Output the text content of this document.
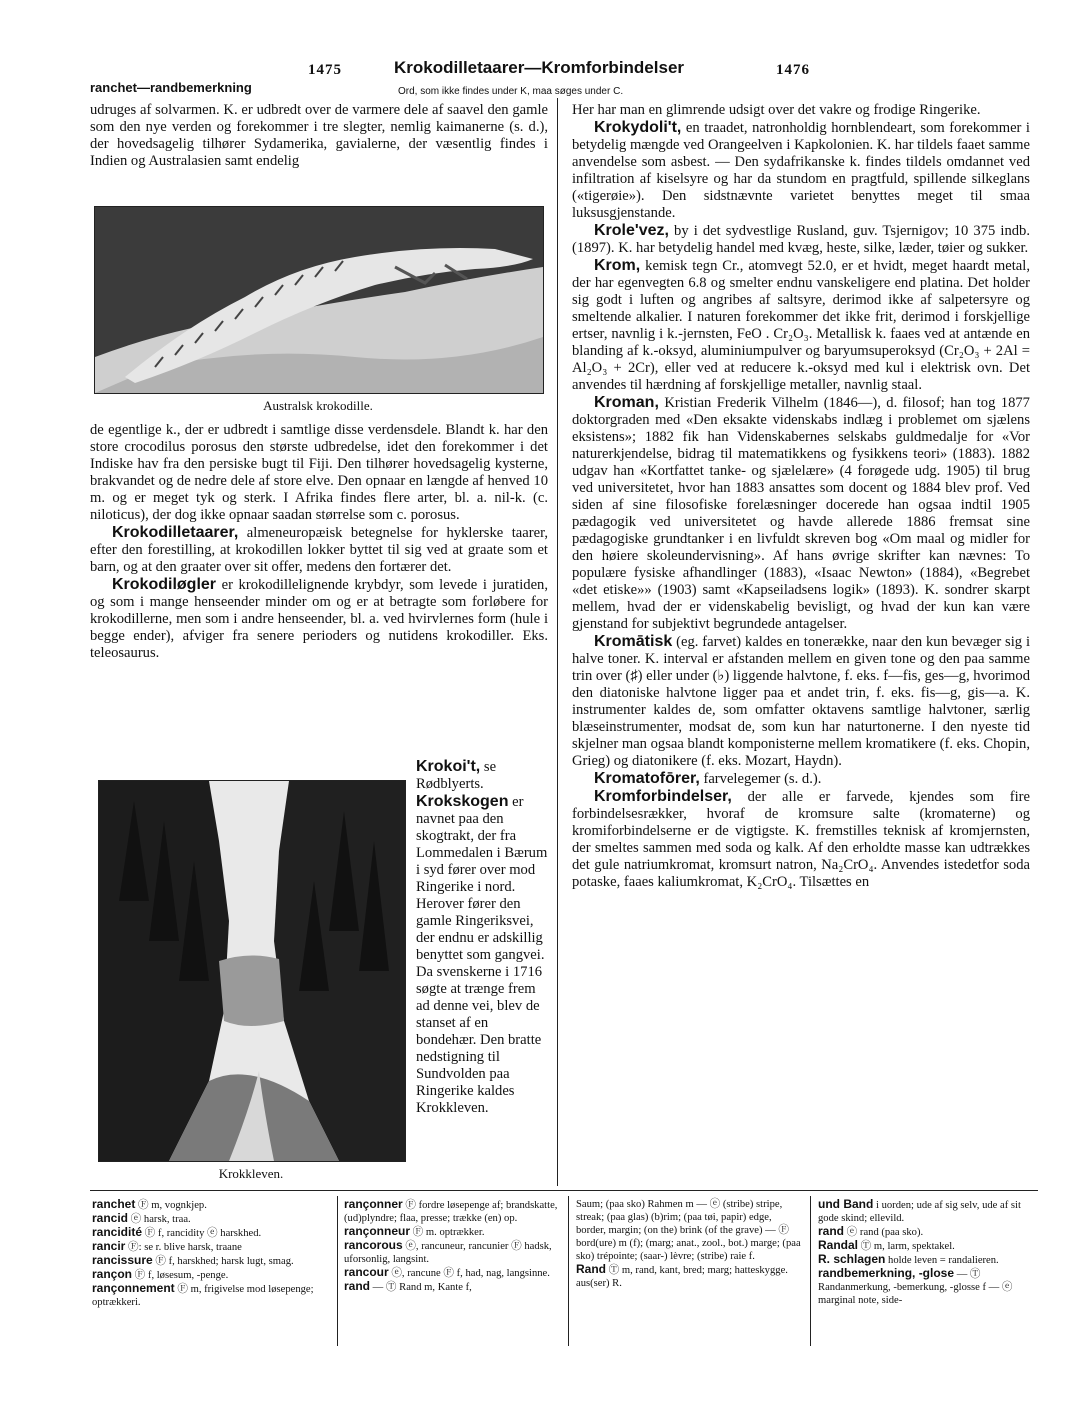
1475	Krokodilletaarer—Kromforbindelser	1476
ranchet—randbemerkning	Ord, som ikke findes under K, maa søges under C.

udruges af solvarmen. K. er udbredt over de varmere dele af saavel den gamle som den nye verden og forekommer i tre slegter, nemlig kaimanerne (s. d.), der hovedsagelig tilhører Sydamerika, gavialerne, der væsentlig findes i Indien og Australasien samt endelig

Australsk krokodille.

de egentlige k., der er udbredt i samtlige disse verdensdele. Blandt k. har den store crocodilus porosus den største udbredelse, idet den forekommer i det Indiske hav fra den persiske bugt til Fiji. Den tilhører hovedsagelig kysterne, brakvandet og de nedre dele af store elve. Den opnaar en længde af henved 10 m. og er meget tyk og sterk. I Afrika findes flere arter, bl. a. nil-k. (c. niloticus), der dog ikke opnaar saadan størrelse som c. porosus.

Krokodilletaarer, almeneuropæisk betegnelse for hyklerske taarer, efter den forestilling, at krokodillen lokker byttet til sig ved at graate som et barn, og at den graater over sit offer, medens den fortærer det.

Krokodiløgler er krokodillelignende krybdyr, som levede i juratiden, og som i mange henseender minder om og er at betragte som forløbere for krokodillerne, men som i andre henseender, bl. a. ved hvirvlernes form (hule i begge ender), afviger fra senere perioders og nutidens krokodiller. Eks. teleosaurus.

Krokkleven.

Krokoi't, se Rødblyerts.

Krokskogen er navnet paa den skogtrakt, der fra Lommedalen i Bærum i syd fører over mod Ringerike i nord. Herover fører den gamle Ringeriksvei, der endnu er adskillig benyttet som gangvei. Da svenskerne i 1716 søgte at trænge frem ad denne vei, blev de stanset af en bondehær. Den bratte nedstigning til Sundvolden paa Ringerike kaldes Krokkleven.

Her har man en glimrende udsigt over det vakre og frodige Ringerike.

Krokydoli't, en traadet, natronholdig hornblendeart, som forekommer i betydelig mængde ved Orangeelven i Kapkolonien. K. har tildels faaet samme anvendelse som asbest. — Den sydafrikanske k. findes tildels omdannet ved infiltration af kiselsyre og har da stundom en pragtfuld, spillende silkeglans («tigerøie»). Den sidstnævnte varietet benyttes meget til smaa luksusgjenstande.

Krole'vez, by i det sydvestlige Rusland, guv. Tsjernigov; 10 375 indb. (1897). K. har betydelig handel med kvæg, heste, silke, læder, tøier og sukker.

Krom, kemisk tegn Cr., atomvegt 52.0, er et hvidt, meget haardt metal, der har egenvegten 6.8 og smelter endnu vanskeligere end platina. Det holder sig godt i luften og angribes af saltsyre, derimod ikke af salpetersyre og smeltende alkalier. I naturen forekommer det ikke frit, derimod i forskjellige ertser, navnlig i k.-jernsten, FeO . Cr₂O₃. Metallisk k. faaes ved at antænde en blanding af k.-oksyd, aluminiumpulver og baryumsuperoksyd (Cr₂O₃ + 2Al = Al₂O₃ + 2Cr), eller ved at reducere k.-oksyd med kul i elektrisk ovn. Det anvendes til hærdning af forskjellige metaller, navnlig staal.

Kroman, Kristian Frederik Vilhelm (1846—), d. filosof; han tog 1877 doktorgraden med «Den eksakte videnskabs indlæg i problemet om sjælens eksistens»; 1882 fik han Videnskabernes selskabs guldmedalje for «Vor naturerkjendelse, bidrag til matematikkens og fysikkens teori» (1883). 1882 udgav han «Kortfattet tanke- og sjælelære» (4 forøgede udg. 1905) til brug ved universitetet, hvor han 1883 ansattes som docent og 1884 blev prof. Ved siden af sine filosofiske forelæsninger docerede han ogsaa indtil 1905 pædagogik ved universitetet og havde allerede 1886 fremsat sine pædagogiske grundtanker i en livfuldt skreven bog «Om maal og midler for den høiere skoleundervisning». Af hans øvrige skrifter kan nævnes: To populære fysiske afhandlinger (1883), «Isaac Newton» (1884), «Begrebet «det etiske»» (1903) samt «Kapseiladsens logik» (1893). K. sondrer skarpt mellem, hvad der er videnskabelig bevisligt, og hvad der kun kan være gjenstand for subjektivt begrundede antagelser.

Kromātisk (eg. farvet) kaldes en tonerække, naar den kun bevæger sig i halve toner. K. interval er afstanden mellem en given tone og den paa samme trin over (♯) eller under (♭) liggende halvtone, f. eks. f—fis, ges—g, hvorimod den diatoniske halvtone ligger paa et andet trin, f. eks. fis—g, gis—a. K. instrumenter kaldes de, som omfatter oktavens samtlige halvtoner, særlig blæseinstrumenter, modsat de, som kun har naturtonerne. I den nyeste tid skjelner man ogsaa blandt komponisterne mellem kromatikere (f. eks. Chopin, Grieg) og diatonikere (f. eks. Mozart, Haydn).

Kromatofōrer, farvelegemer (s. d.).

Kromforbindelser, der alle er farvede, kjendes som fire forbindelsesrækker, hvoraf de kromsure salte (kromaterne) og kromiforbindelserne er de vigtigste. K. fremstilles teknisk af kromjernsten, der smeltes sammen med soda og kalk. Af den erholdte masse kan udtrækkes det gule natriumkromat, kromsurt natron, Na₂CrO₄. Anvendes istedetfor soda potaske, faaes kaliumkromat, K₂CrO₄. Tilsættes en

ranchet Ⓕ m, vognkjep.

rancid ⓔ harsk, traa.

rancidité Ⓕ f, rancidity ⓔ harskhed.

rancir Ⓕ: se r. blive harsk, traane

rancissure Ⓕ f, harskhed; harsk lugt, smag.

rançon Ⓕ f, løsesum, -penge.

rançonnement Ⓕ m, frigivelse mod løsepenge; optrækkeri.

rançonner Ⓕ fordre løsepenge af; brandskatte, (ud)plyndre; flaa, presse; trække (en) op.

rançonneur Ⓕ m. optrækker.

rancorous ⓔ, rancuneur, rancunier Ⓕ hadsk, uforsonlig, langsint.

rancour ⓔ, rancune Ⓕ f, had, nag, langsinne.

rand — Ⓣ Rand m, Kante f,

Saum; (paa sko) Rahmen m — ⓔ (stribe) stripe, streak; (paa glas) (b)rim; (paa tøi, papir) edge, border, margin; (on the) brink (of the grave) — Ⓕ bord(ure) m (f); (marg; anat., zool., bot.) marge; (paa sko) trépointe; (saar-) lèvre; (stribe) raie f.

Rand Ⓣ m, rand, kant, bred; marg; hatteskygge. aus(ser) R.

und Band i uorden; ude af sig selv, ude af sit gode skind; ellevild.

rand ⓔ rand (paa sko).

Randal Ⓣ m, larm, spektakel.

R. schlagen holde leven = randalieren.

randbemerkning, -glose — Ⓣ Randanmerkung, -bemerkung, -glosse f — ⓔ marginal note, side-
